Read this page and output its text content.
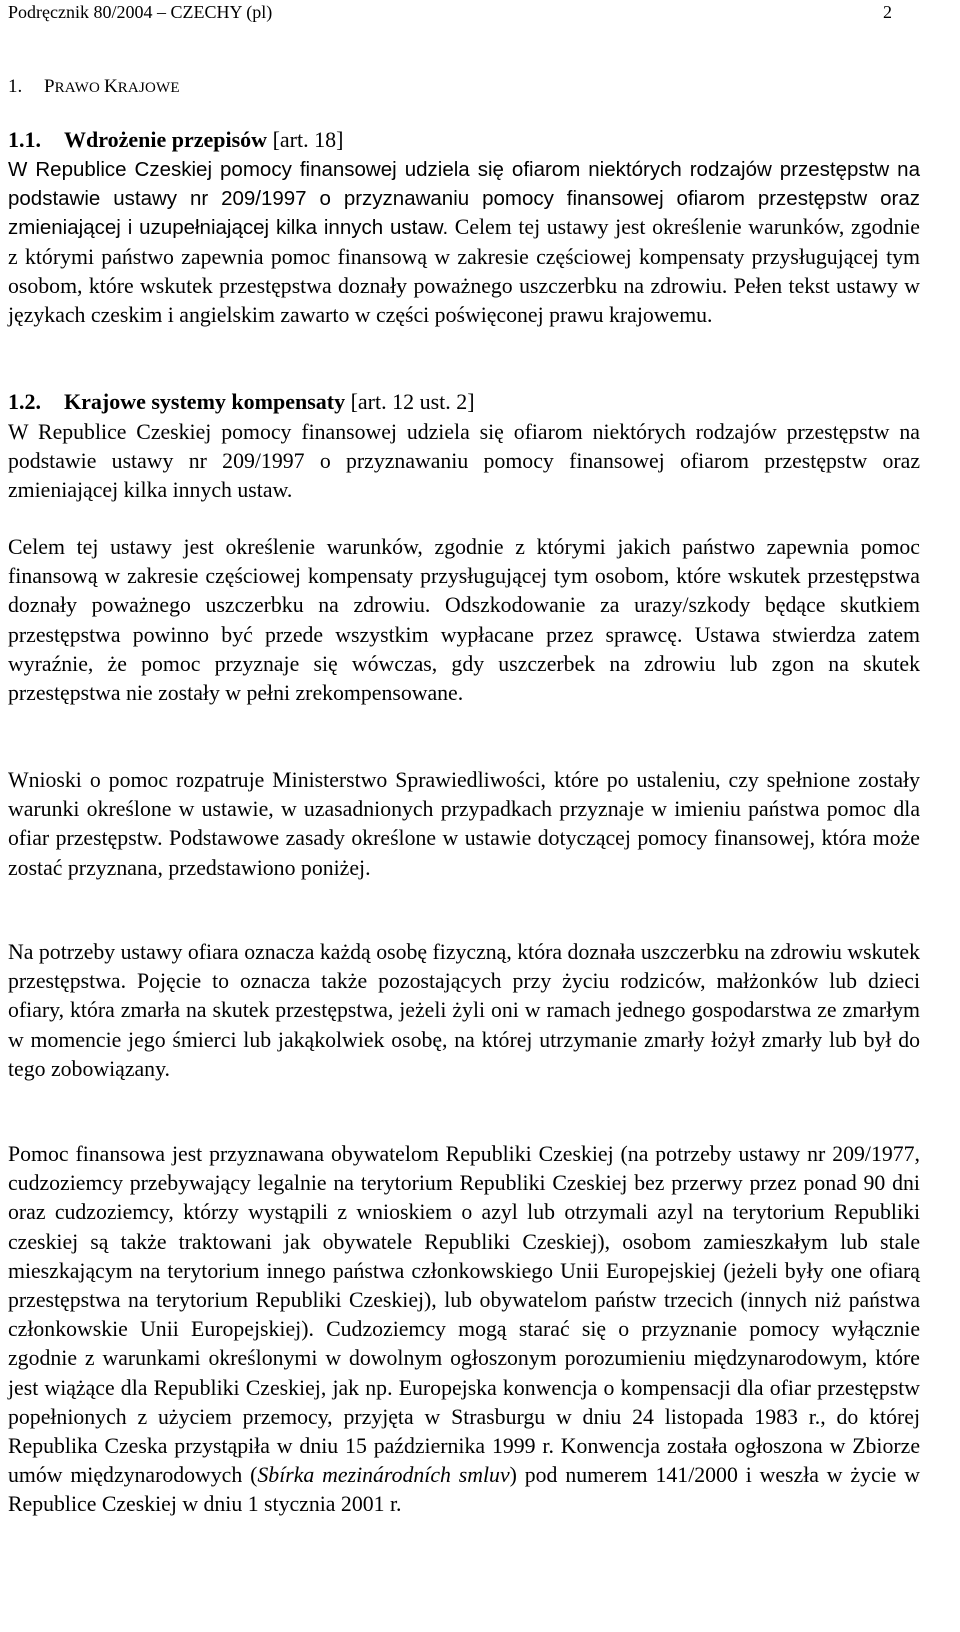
Podręcznik 80/2004 – CZECHY (pl)	2
1. PRAWO KRAJOWE
1.1. Wdrożenie przepisów [art. 18]

W Republice Czeskiej pomocy finansowej udziela się ofiarom niektórych rodzajów przestępstw na podstawie ustawy nr 209/1997 o przyznawaniu pomocy finansowej ofiarom przestępstw oraz zmieniającej i uzupełniającej kilka innych ustaw. Celem tej ustawy jest określenie warunków, zgodnie z którymi państwo zapewnia pomoc finansową w zakresie częściowej kompensaty przysługującej tym osobom, które wskutek przestępstwa doznały poważnego uszczerbku na zdrowiu. Pełen tekst ustawy w językach czeskim i angielskim zawarto w części poświęconej prawu krajowemu.

1.2. Krajowe systemy kompensaty [art. 12 ust. 2]

W Republice Czeskiej pomocy finansowej udziela się ofiarom niektórych rodzajów przestępstw na podstawie ustawy nr 209/1997 o przyznawaniu pomocy finansowej ofiarom przestępstw oraz zmieniającej kilka innych ustaw.

Celem tej ustawy jest określenie warunków, zgodnie z którymi jakich państwo zapewnia pomoc finansową w zakresie częściowej kompensaty przysługującej tym osobom, które wskutek przestępstwa doznały poważnego uszczerbku na zdrowiu. Odszkodowanie za urazy/szkody będące skutkiem przestępstwa powinno być przede wszystkim wypłacane przez sprawcę. Ustawa stwierdza zatem wyraźnie, że pomoc przyznaje się wówczas, gdy uszczerbek na zdrowiu lub zgon na skutek przestępstwa nie zostały w pełni zrekompensowane.

Wnioski o pomoc rozpatruje Ministerstwo Sprawiedliwości, które po ustaleniu, czy spełnione zostały warunki określone w ustawie, w uzasadnionych przypadkach przyznaje w imieniu państwa pomoc dla ofiar przestępstw. Podstawowe zasady określone w ustawie dotyczącej pomocy finansowej, która może zostać przyznana, przedstawiono poniżej.

Na potrzeby ustawy ofiara oznacza każdą osobę fizyczną, która doznała uszczerbku na zdrowiu wskutek przestępstwa. Pojęcie to oznacza także pozostających przy życiu rodziców, małżonków lub dzieci ofiary, która zmarła na skutek przestępstwa, jeżeli żyli oni w ramach jednego gospodarstwa ze zmarłym w momencie jego śmierci lub jakąkolwiek osobę, na której utrzymanie zmarły łożył zmarły lub był do tego zobowiązany.

Pomoc finansowa jest przyznawana obywatelom Republiki Czeskiej (na potrzeby ustawy nr 209/1977, cudzoziemcy przebywający legalnie na terytorium Republiki Czeskiej bez przerwy przez ponad 90 dni oraz cudzoziemcy, którzy wystąpili z wnioskiem o azyl lub otrzymali azyl na terytorium Republiki czeskiej są także traktowani jak obywatele Republiki Czeskiej), osobom zamieszkałym lub stale mieszkającym na terytorium innego państwa członkowskiego Unii Europejskiej (jeżeli były one ofiarą przestępstwa na terytorium Republiki Czeskiej), lub obywatelom państw trzecich (innych niż państwa członkowskie Unii Europejskiej). Cudzoziemcy mogą starać się o przyznanie pomocy wyłącznie zgodnie z warunkami określonymi w dowolnym ogłoszonym porozumieniu międzynarodowym, które jest wiążące dla Republiki Czeskiej, jak np. Europejska konwencja o kompensacji dla ofiar przestępstw popełnionych z użyciem przemocy, przyjęta w Strasburgu w dniu 24 listopada 1983 r., do której Republika Czeska przystąpiła w dniu 15 października 1999 r. Konwencja została ogłoszona w Zbiorze umów międzynarodowych (Sbírka mezinárodních smluv) pod numerem 141/2000 i weszła w życie w Republice Czeskiej w dniu 1 stycznia 2001 r.
